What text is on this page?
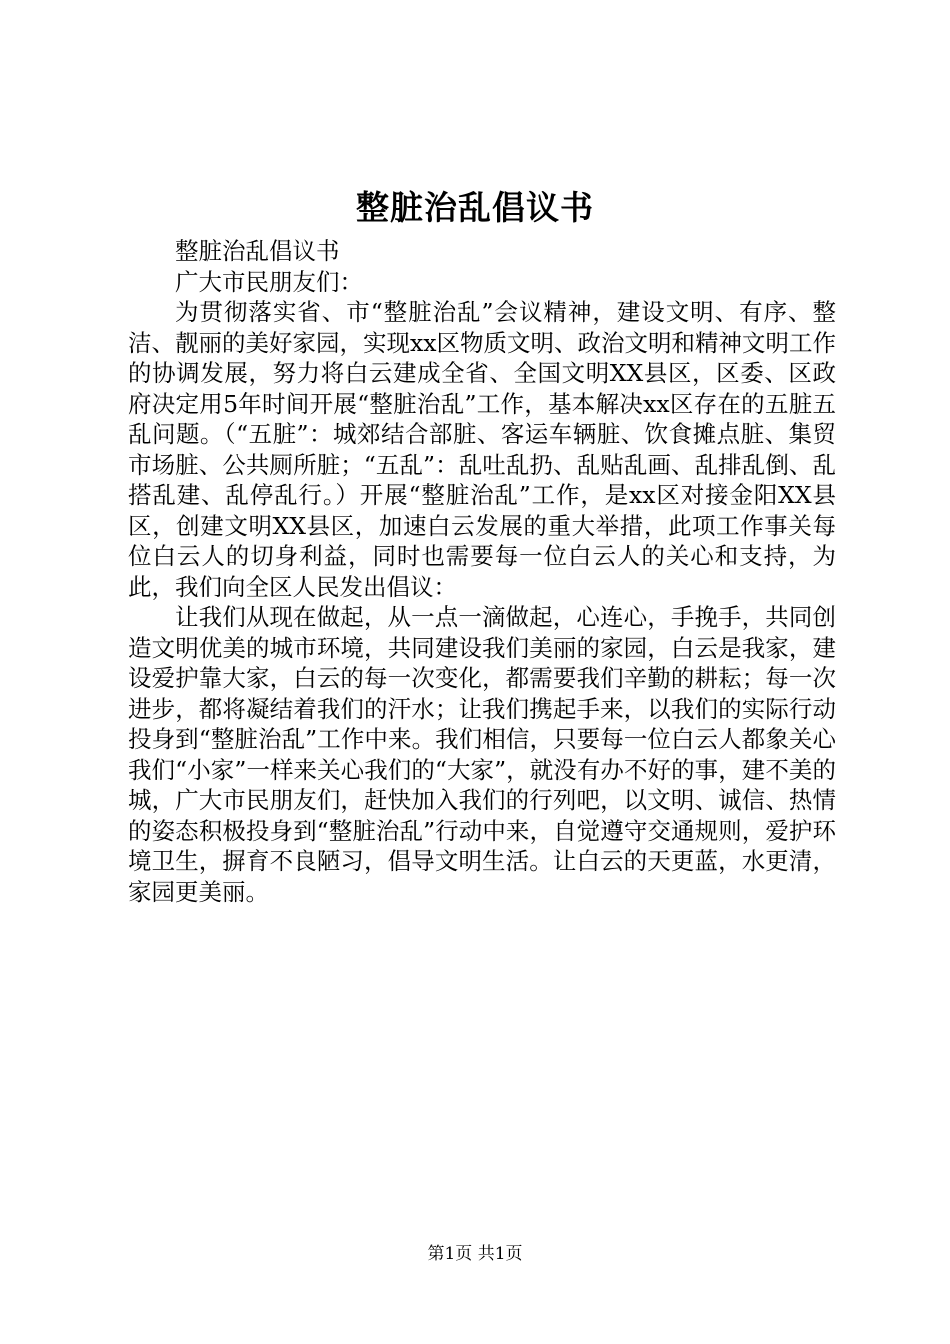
整脏治乱倡议书

整脏治乱倡议书

广大市民朋友们：

为贯彻落实省、市“整脏治乱”会议精神，建设文明、有序、整洁、靓丽的美好家园，实现xx区物质文明、政治文明和精神文明工作的协调发展，努力将白云建成全省、全国文明XX县区，区委、区政府决定用5年时间开展“整脏治乱”工作，基本解决xx区存在的五脏五乱问题。（“五脏”：城郊结合部脏、客运车辆脏、饮食摊点脏、集贸市场脏、公共厕所脏；“五乱”：乱吐乱扔、乱贴乱画、乱排乱倒、乱搭乱建、乱停乱行。）开展“整脏治乱”工作，是xx区对接金阳XX县区，创建文明XX县区，加速白云发展的重大举措，此项工作事关每位白云人的切身利益，同时也需要每一位白云人的关心和支持，为此，我们向全区人民发出倡议：

让我们从现在做起，从一点一滴做起，心连心，手挽手，共同创造文明优美的城市环境，共同建设我们美丽的家园，白云是我家，建设爱护靠大家，白云的每一次变化，都需要我们辛勤的耕耘；每一次进步，都将凝结着我们的汗水；让我们携起手来，以我们的实际行动投身到“整脏治乱”工作中来。我们相信，只要每一位白云人都象关心我们“小家”一样来关心我们的“大家”，就没有办不好的事，建不美的城，广大市民朋友们，赶快加入我们的行列吧，以文明、诚信、热情的姿态积极投身到“整脏治乱”行动中来，自觉遵守交通规则，爱护环境卫生，摒育不良陋习，倡导文明生活。让白云的天更蓝，水更清，家园更美丽。

第1页 共1页
